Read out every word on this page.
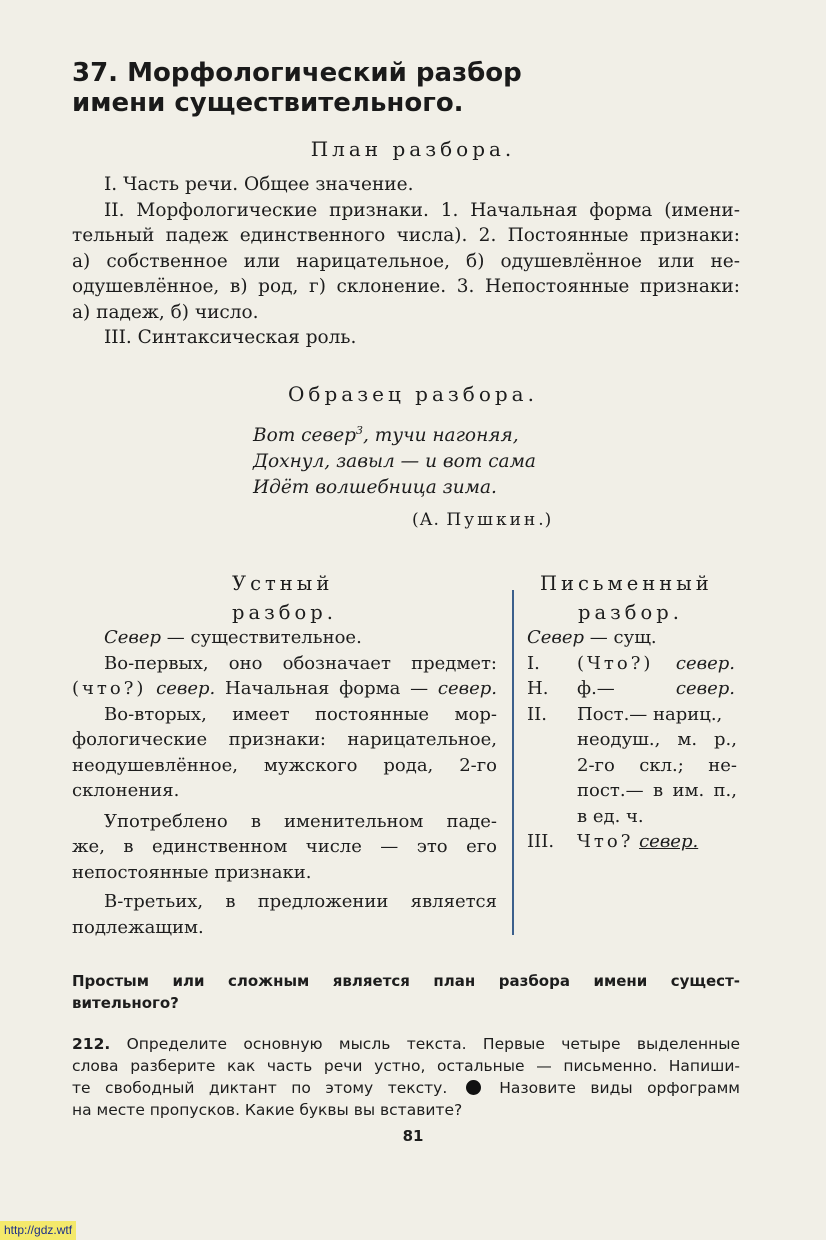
37. Морфологический разбор
имени существительного.
План разбора.
I. Часть речи. Общее значение.
II. Морфологические признаки. 1. Начальная форма (имени-
тельный падеж единственного числа). 2. Постоянные признаки:
а) собственное или нарицательное, б) одушевлённое или не-
одушевлённое, в) род, г) склонение. 3. Непостоянные признаки:
а) падеж, б) число.
III. Синтаксическая роль.
Образец разбора.
Вот север$^3$, тучи нагоняя,
Дохнул, завыл — и вот сама
Идёт волшебница зима.
(А. Пушкин.)
Устный
разбор.
Письменный
разбор.
Север — существительное.
Во-первых, оно обозначает предмет:
(что?) север. Начальная форма — север.
Во-вторых, имеет постоянные мор-
фологические признаки: нарицательное,
неодушевлённое, мужского рода, 2-го
склонения.
Употреблено в именительном паде-
же, в единственном числе — это его
непостоянные признаки.
В-третьих, в предложении является
подлежащим.
Север — сущ.
I. (Что?) север.
Н. ф.—	север.
II. Пост.— нариц.,
неодуш., м. р.,
2-го скл.; не-
пост.— в им. п.,
в ед. ч.
III. Что? север.
Простым или сложным является план разбора имени сущест-
вительного?
212. Определите основную мысль текста. Первые четыре выделенные
слова разберите как часть речи устно, остальные — письменно. Напиши-
те свободный диктант по этому тексту.	Назовите виды орфограмм
на месте пропусков. Какие буквы вы вставите?
81
http://gdz.wtf
